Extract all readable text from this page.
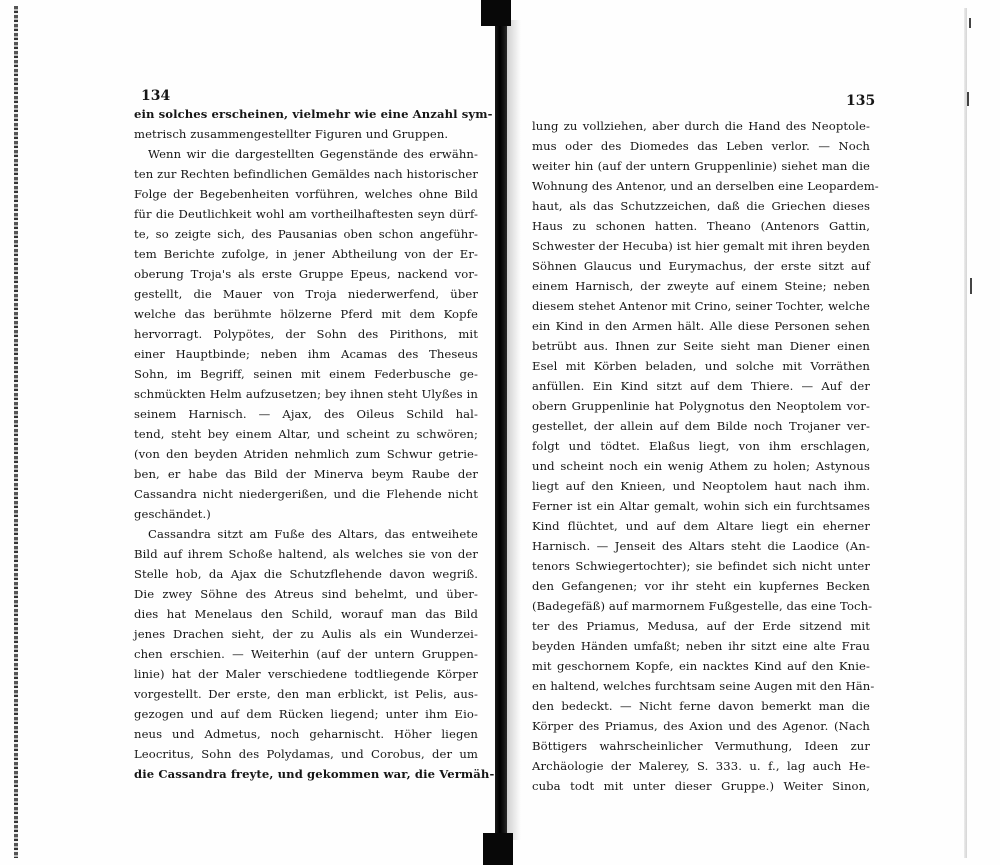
134	135
ein solches erscheinen, vielmehr wie eine Anzahl sym-
metrisch zusammengestellter Figuren und Gruppen.
Wenn wir die dargestellten Gegenstände des erwähn-
ten zur Rechten befindlichen Gemäldes nach historischer
Folge der Begebenheiten vorführen, welches ohne Bild
für die Deutlichkeit wohl am vortheilhaftesten seyn dürf-
te, so zeigte sich, des Pausanias oben schon angeführ-
tem Berichte zufolge, in jener Abtheilung von der Er-
oberung Troja's als erste Gruppe Epeus, nackend vor-
gestellt, die Mauer von Troja niederwerfend, über
welche das berühmte hölzerne Pferd mit dem Kopfe
hervorragt. Polypötes, der Sohn des Pirithons, mit
einer Hauptbinde; neben ihm Acamas des Theseus
Sohn, im Begriff, seinen mit einem Federbusche ge-
schmückten Helm aufzusetzen; bey ihnen steht Ulyßes in
seinem Harnisch. — Ajax, des Oileus Schild hal-
tend, steht bey einem Altar, und scheint zu schwören;
(von den beyden Atriden nehmlich zum Schwur getrie-
ben, er habe das Bild der Minerva beym Raube der
Cassandra nicht niedergerißen, und die Flehende nicht
geschändet.)
Cassandra sitzt am Fuße des Altars, das entweihete
Bild auf ihrem Schoße haltend, als welches sie von der
Stelle hob, da Ajax die Schutzflehende davon wegriß.
Die zwey Söhne des Atreus sind behelmt, und über-
dies hat Menelaus den Schild, worauf man das Bild
jenes Drachen sieht, der zu Aulis als ein Wunderzei-
chen erschien. — Weiterhin (auf der untern Gruppen-
linie) hat der Maler verschiedene todtliegende Körper
vorgestellt. Der erste, den man erblickt, ist Pelis, aus-
gezogen und auf dem Rücken liegend; unter ihm Eio-
neus und Admetus, noch geharnischt. Höher liegen
Leocritus, Sohn des Polydamas, und Corobus, der um
die Cassandra freyte, und gekommen war, die Vermäh-
lung zu vollziehen, aber durch die Hand des Neoptole-
mus oder des Diomedes das Leben verlor. — Noch
weiter hin (auf der untern Gruppenlinie) siehet man die
Wohnung des Antenor, und an derselben eine Leopardem-
haut, als das Schutzzeichen, daß die Griechen dieses
Haus zu schonen hatten. Theano (Antenors Gattin,
Schwester der Hecuba) ist hier gemalt mit ihren beyden
Söhnen Glaucus und Eurymachus, der erste sitzt auf
einem Harnisch, der zweyte auf einem Steine; neben
diesem stehet Antenor mit Crino, seiner Tochter, welche
ein Kind in den Armen hält. Alle diese Personen sehen
betrübt aus. Ihnen zur Seite sieht man Diener einen
Esel mit Körben beladen, und solche mit Vorräthen
anfüllen. Ein Kind sitzt auf dem Thiere. — Auf der
obern Gruppenlinie hat Polygnotus den Neoptolem vor-
gestellet, der allein auf dem Bilde noch Trojaner ver-
folgt und tödtet. Elaßus liegt, von ihm erschlagen,
und scheint noch ein wenig Athem zu holen; Astynous
liegt auf den Knieen, und Neoptolem haut nach ihm.
Ferner ist ein Altar gemalt, wohin sich ein furchtsames
Kind flüchtet, und auf dem Altare liegt ein eherner
Harnisch. — Jenseit des Altars steht die Laodice (An-
tenors Schwiegertochter); sie befindet sich nicht unter
den Gefangenen; vor ihr steht ein kupfernes Becken
(Badegefäß) auf marmornem Fußgestelle, das eine Toch-
ter des Priamus, Medusa, auf der Erde sitzend mit
beyden Händen umfaßt; neben ihr sitzt eine alte Frau
mit geschornem Kopfe, ein nacktes Kind auf den Knie-
en haltend, welches furchtsam seine Augen mit den Hän-
den bedeckt. — Nicht ferne davon bemerkt man die
Körper des Priamus, des Axion und des Agenor. (Nach
Böttigers wahrscheinlicher Vermuthung, Ideen zur
Archäologie der Malerey, S. 333. u. f., lag auch He-
cuba todt mit unter dieser Gruppe.) Weiter Sinon,
